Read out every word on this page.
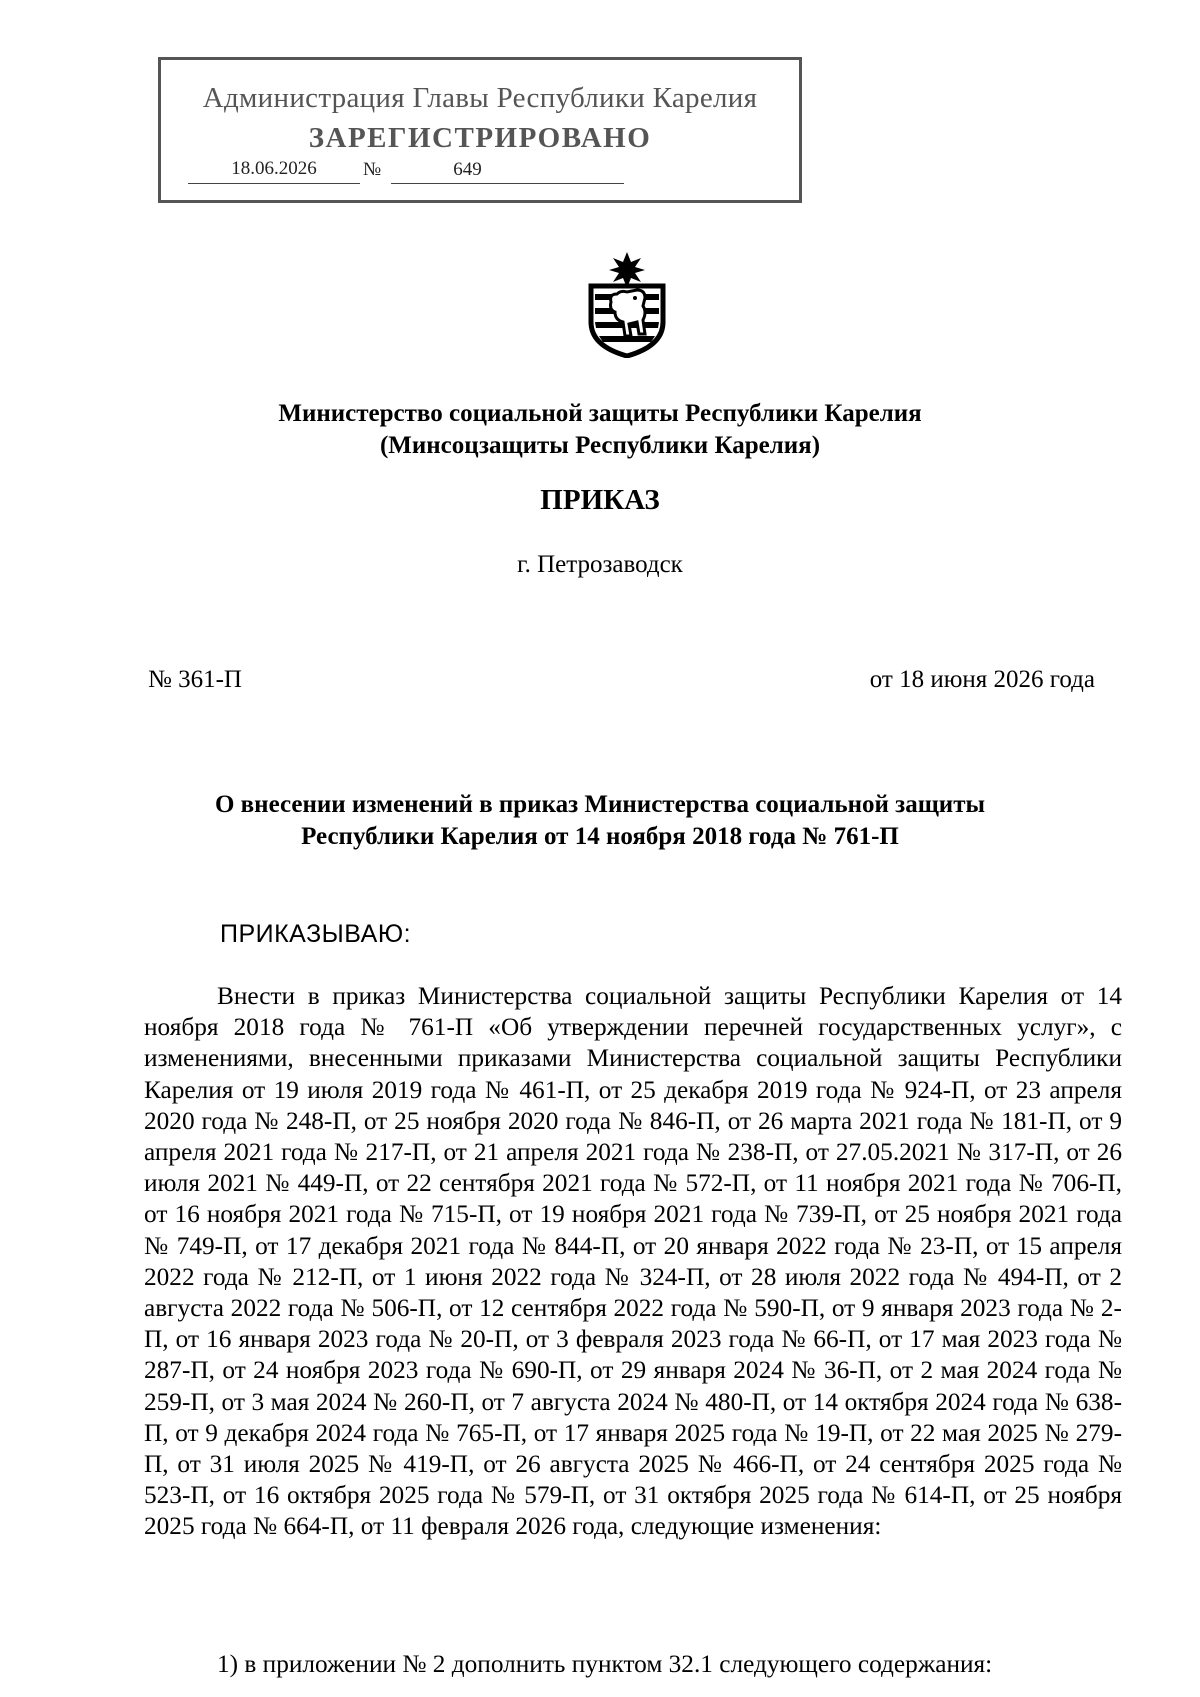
Администрация Главы Республики Карелия
ЗАРЕГИСТРИРОВАНО
18.06.2026	№	649
Министерство социальной защиты Республики Карелия
(Минсоцзащиты Республики Карелия)
ПРИКАЗ
г. Петрозаводск
№ 361-П	от 18 июня 2026 года
О внесении изменений в приказ Министерства социальной защиты
Республики Карелия от 14 ноября 2018 года № 761-П
ПРИКАЗЫВАЮ:
Внести в приказ Министерства социальной защиты Республики Карелия от 14 ноября 2018 года № 761-П «Об утверждении перечней государственных услуг», с изменениями, внесенными приказами Министерства социальной защиты Республики Карелия от 19 июля 2019 года № 461-П, от 25 декабря 2019 года № 924-П, от 23 апреля 2020 года № 248-П, от 25 ноября 2020 года № 846-П, от 26 марта 2021 года № 181-П, от 9 апреля 2021 года № 217-П, от 21 апреля 2021 года № 238-П, от 27.05.2021 № 317-П, от 26 июля 2021 № 449-П, от 22 сентября 2021 года № 572-П, от 11 ноября 2021 года № 706-П, от 16 ноября 2021 года № 715-П, от 19 ноября 2021 года № 739-П, от 25 ноября 2021 года № 749-П, от 17 декабря 2021 года № 844-П, от 20 января 2022 года № 23-П, от 15 апреля 2022 года № 212-П, от 1 июня 2022 года № 324-П, от 28 июля 2022 года № 494-П, от 2 августа 2022 года № 506-П, от 12 сентября 2022 года № 590-П, от 9 января 2023 года № 2-П, от 16 января 2023 года № 20-П, от 3 февраля 2023 года № 66-П, от 17 мая 2023 года № 287-П, от 24 ноября 2023 года № 690-П, от 29 января 2024 № 36-П, от 2 мая 2024 года № 259-П, от 3 мая 2024 № 260-П, от 7 августа 2024 № 480-П, от 14 октября 2024 года № 638-П, от 9 декабря 2024 года № 765-П, от 17 января 2025 года № 19-П, от 22 мая 2025 № 279-П, от 31 июля 2025 № 419-П, от 26 августа 2025 № 466-П, от 24 сентября 2025 года № 523-П, от 16 октября 2025 года № 579-П, от 31 октября 2025 года № 614-П, от 25 ноября 2025 года № 664-П, от 11 февраля 2026 года, следующие изменения:
1) в приложении № 2 дополнить пунктом 32.1 следующего содержания:
